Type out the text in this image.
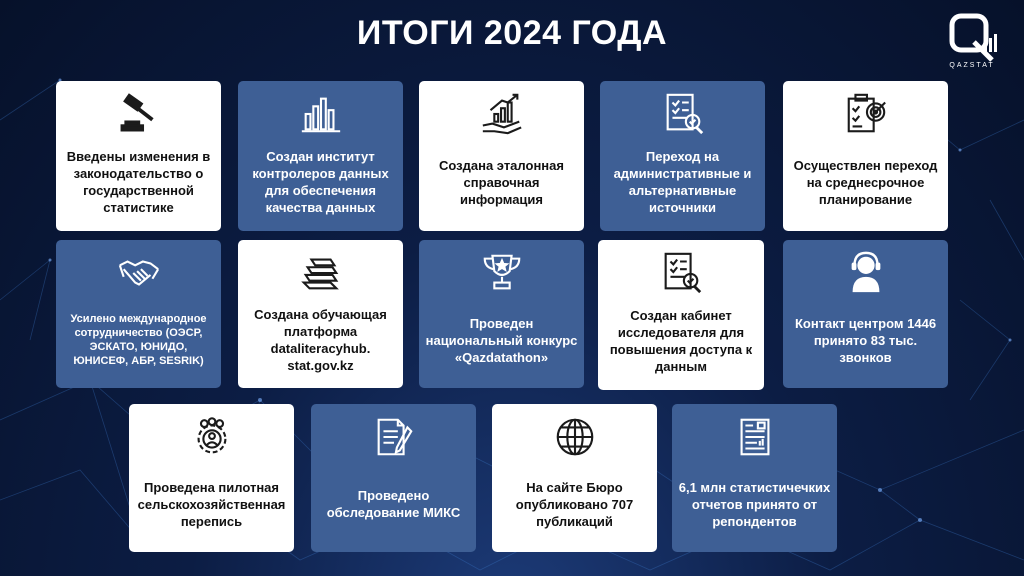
ИТОГИ 2024 ГОДА
QAZSTAT
Введены изменения в законодательство о государственной статистике
Создан институт контролеров данных для обеспечения качества данных
Создана эталонная справочная информация
Переход на административные и альтернативные источники
Осуществлен переход на среднесрочное планирование
Усилено международное сотрудничество (ОЭСР, ЭСКАТО, ЮНИДО, ЮНИСЕФ, АБР, SESRIK)
Создана обучающая платформа dataliteracyhub. stat.gov.kz
Проведен национальный конкурс «Qazdatathon»
Создан кабинет исследователя для повышения доступа к данным
Контакт центром 1446 принято 83 тыс. звонков
Проведена пилотная сельскохозяйственная перепись
Проведено обследование МИКС
На сайте Бюро опубликовано 707 публикаций
6,1 млн статистичечких отчетов принято от репондентов
